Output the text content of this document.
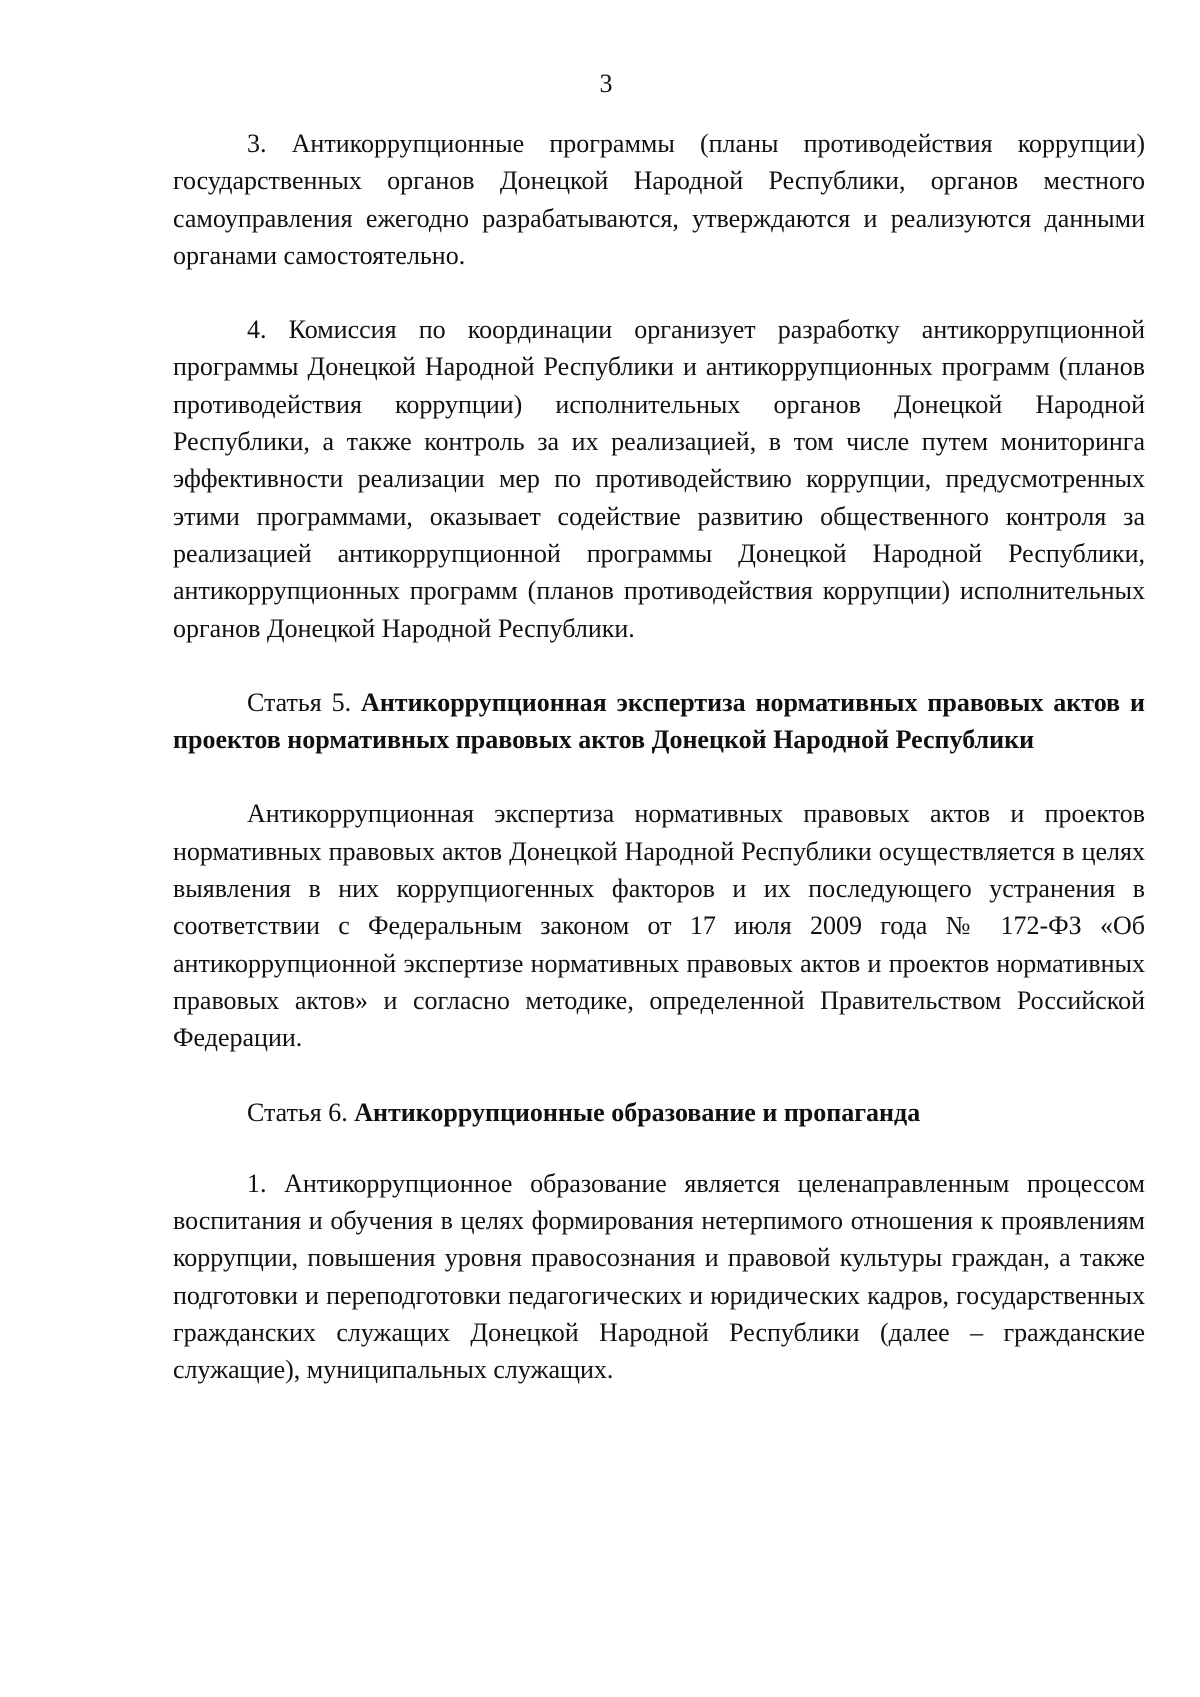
3

3. Антикоррупционные программы (планы противодействия коррупции) государственных органов Донецкой Народной Республики, органов местного самоуправления ежегодно разрабатываются, утверждаются и реализуются данными органами самостоятельно.

4. Комиссия по координации организует разработку антикоррупционной программы Донецкой Народной Республики и антикоррупционных программ (планов противодействия коррупции) исполнительных органов Донецкой Народной Республики, а также контроль за их реализацией, в том числе путем мониторинга эффективности реализации мер по противодействию коррупции, предусмотренных этими программами, оказывает содействие развитию общественного контроля за реализацией антикоррупционной программы Донецкой Народной Республики, антикоррупционных программ (планов противодействия коррупции) исполнительных органов Донецкой Народной Республики.

Статья 5. Антикоррупционная экспертиза нормативных правовых актов и проектов нормативных правовых актов Донецкой Народной Республики

Антикоррупционная экспертиза нормативных правовых актов и проектов нормативных правовых актов Донецкой Народной Республики осуществляется в целях выявления в них коррупциогенных факторов и их последующего устранения в соответствии с Федеральным законом от 17 июля 2009 года № 172-ФЗ «Об антикоррупционной экспертизе нормативных правовых актов и проектов нормативных правовых актов» и согласно методике, определенной Правительством Российской Федерации.

Статья 6. Антикоррупционные образование и пропаганда

1. Антикоррупционное образование является целенаправленным процессом воспитания и обучения в целях формирования нетерпимого отношения к проявлениям коррупции, повышения уровня правосознания и правовой культуры граждан, а также подготовки и переподготовки педагогических и юридических кадров, государственных гражданских служащих Донецкой Народной Республики (далее – гражданские служащие), муниципальных служащих.
